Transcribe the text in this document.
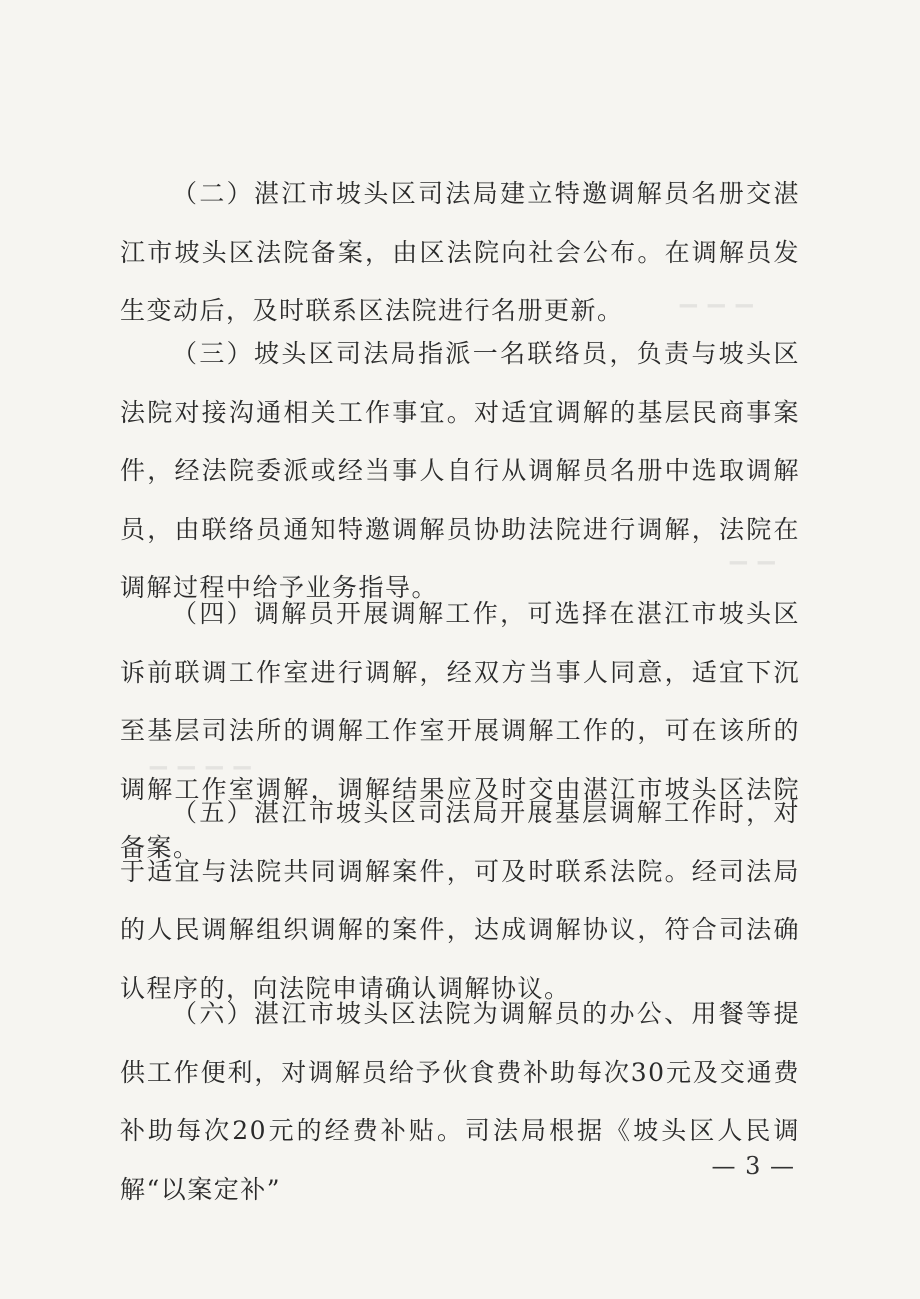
▁ ▁ ▁
▁ ▁
▁ ▁ ▁ ▁

（二）湛江市坡头区司法局建立特邀调解员名册交湛江市坡头区法院备案，由区法院向社会公布。在调解员发生变动后，及时联系区法院进行名册更新。

（三）坡头区司法局指派一名联络员，负责与坡头区法院对接沟通相关工作事宜。对适宜调解的基层民商事案件，经法院委派或经当事人自行从调解员名册中选取调解员，由联络员通知特邀调解员协助法院进行调解，法院在调解过程中给予业务指导。

（四）调解员开展调解工作，可选择在湛江市坡头区诉前联调工作室进行调解，经双方当事人同意，适宜下沉至基层司法所的调解工作室开展调解工作的，可在该所的调解工作室调解，调解结果应及时交由湛江市坡头区法院备案。

（五）湛江市坡头区司法局开展基层调解工作时，对于适宜与法院共同调解案件，可及时联系法院。经司法局的人民调解组织调解的案件，达成调解协议，符合司法确认程序的，向法院申请确认调解协议。

（六）湛江市坡头区法院为调解员的办公、用餐等提供工作便利，对调解员给予伙食费补助每次30元及交通费补助每次20元的经费补贴。司法局根据《坡头区人民调解“以案定补”

— 3 —
